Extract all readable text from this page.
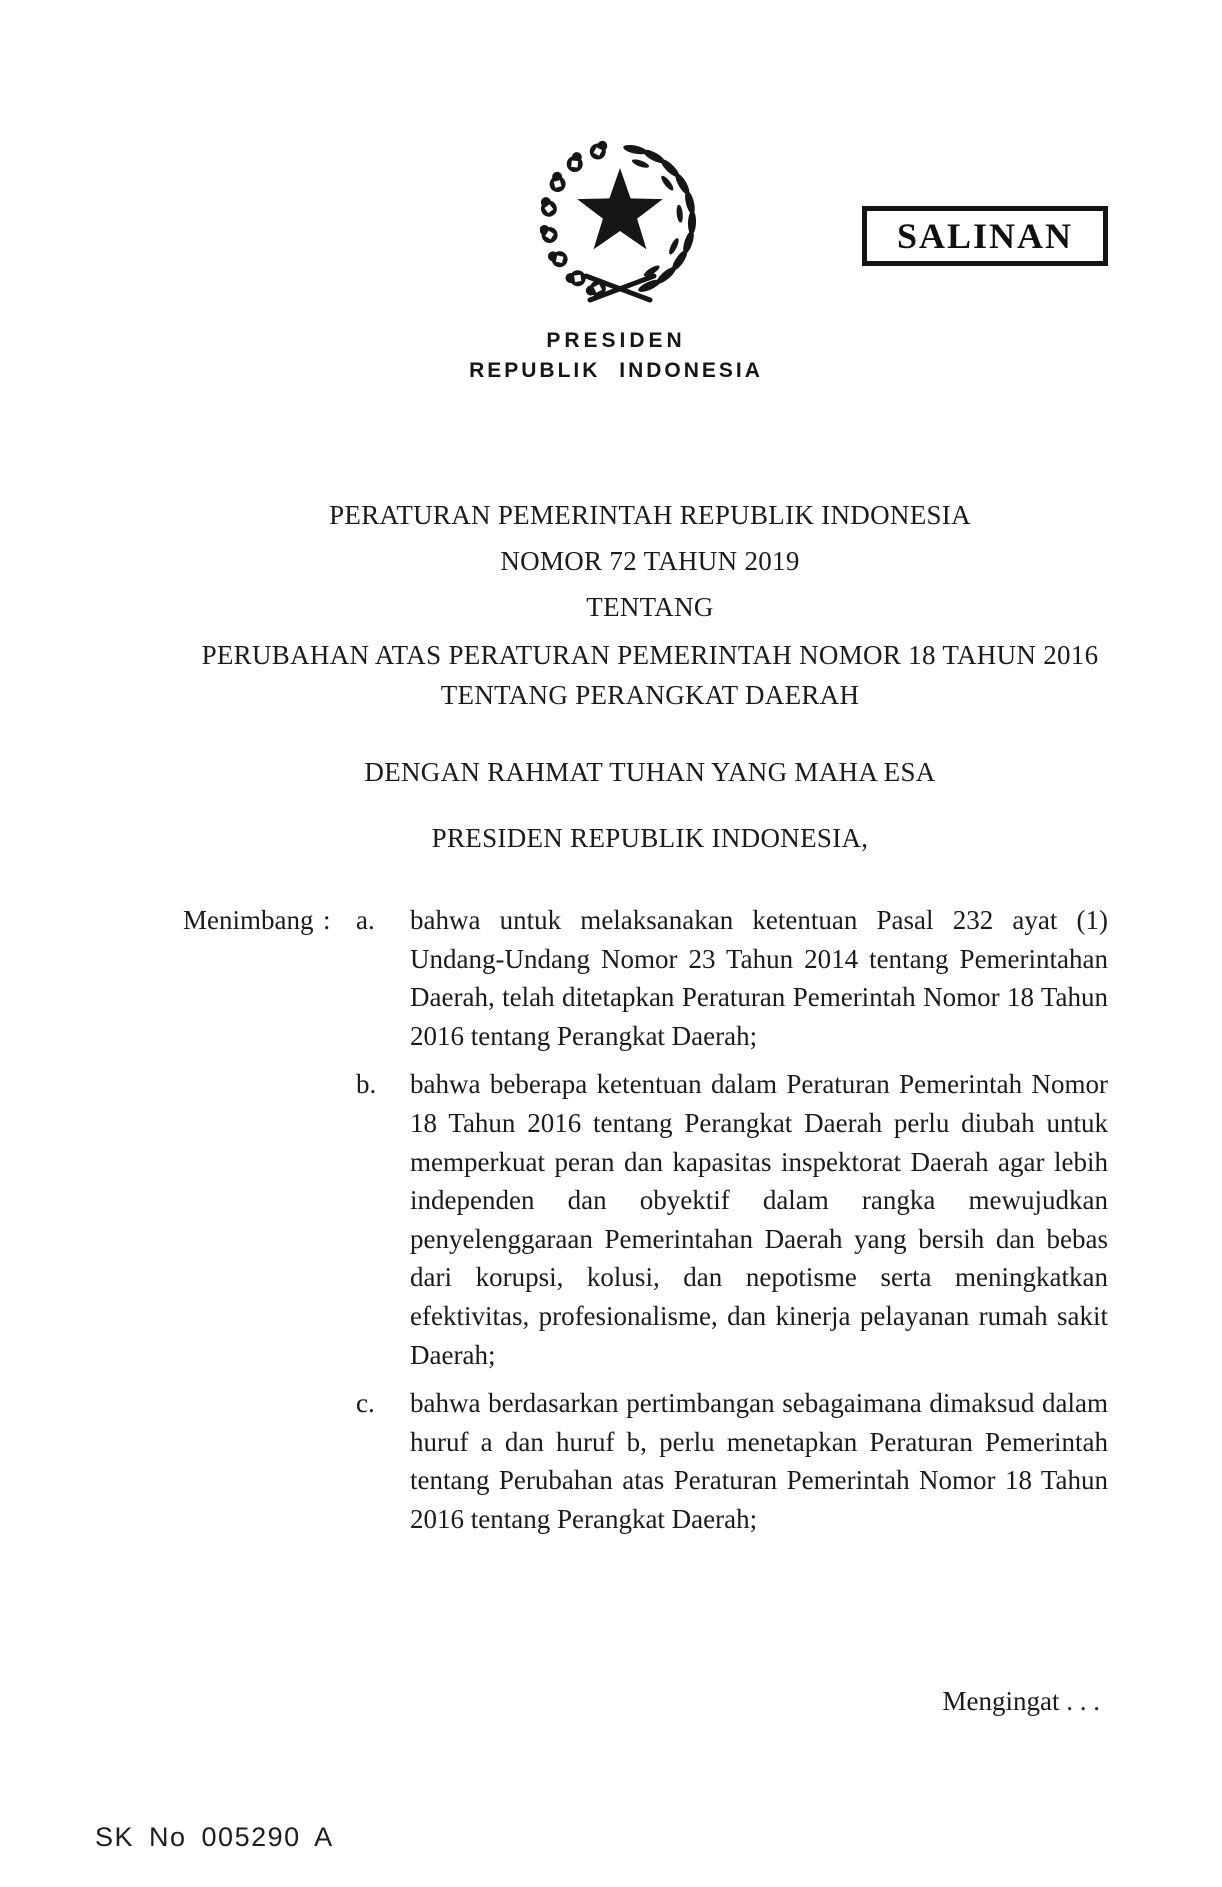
PRESIDEN
REPUBLIK INDONESIA
SALINAN
PERATURAN PEMERINTAH REPUBLIK INDONESIA
NOMOR 72 TAHUN 2019
TENTANG
PERUBAHAN ATAS PERATURAN PEMERINTAH NOMOR 18 TAHUN 2016
TENTANG PERANGKAT DAERAH
DENGAN RAHMAT TUHAN YANG MAHA ESA
PRESIDEN REPUBLIK INDONESIA,
Menimbang : a.	bahwa untuk melaksanakan ketentuan Pasal 232 ayat (1) Undang-Undang Nomor 23 Tahun 2014 tentang Pemerintahan Daerah, telah ditetapkan Peraturan Pemerintah Nomor 18 Tahun 2016 tentang Perangkat Daerah;

b.	bahwa beberapa ketentuan dalam Peraturan Pemerintah Nomor 18 Tahun 2016 tentang Perangkat Daerah perlu diubah untuk memperkuat peran dan kapasitas inspektorat Daerah agar lebih independen dan obyektif dalam rangka mewujudkan penyelenggaraan Pemerintahan Daerah yang bersih dan bebas dari korupsi, kolusi, dan nepotisme serta meningkatkan efektivitas, profesionalisme, dan kinerja pelayanan rumah sakit Daerah;

c.	bahwa berdasarkan pertimbangan sebagaimana dimaksud dalam huruf a dan huruf b, perlu menetapkan Peraturan Pemerintah tentang Perubahan atas Peraturan Pemerintah Nomor 18 Tahun 2016 tentang Perangkat Daerah;

Mengingat . . .
SK No 005290 A
